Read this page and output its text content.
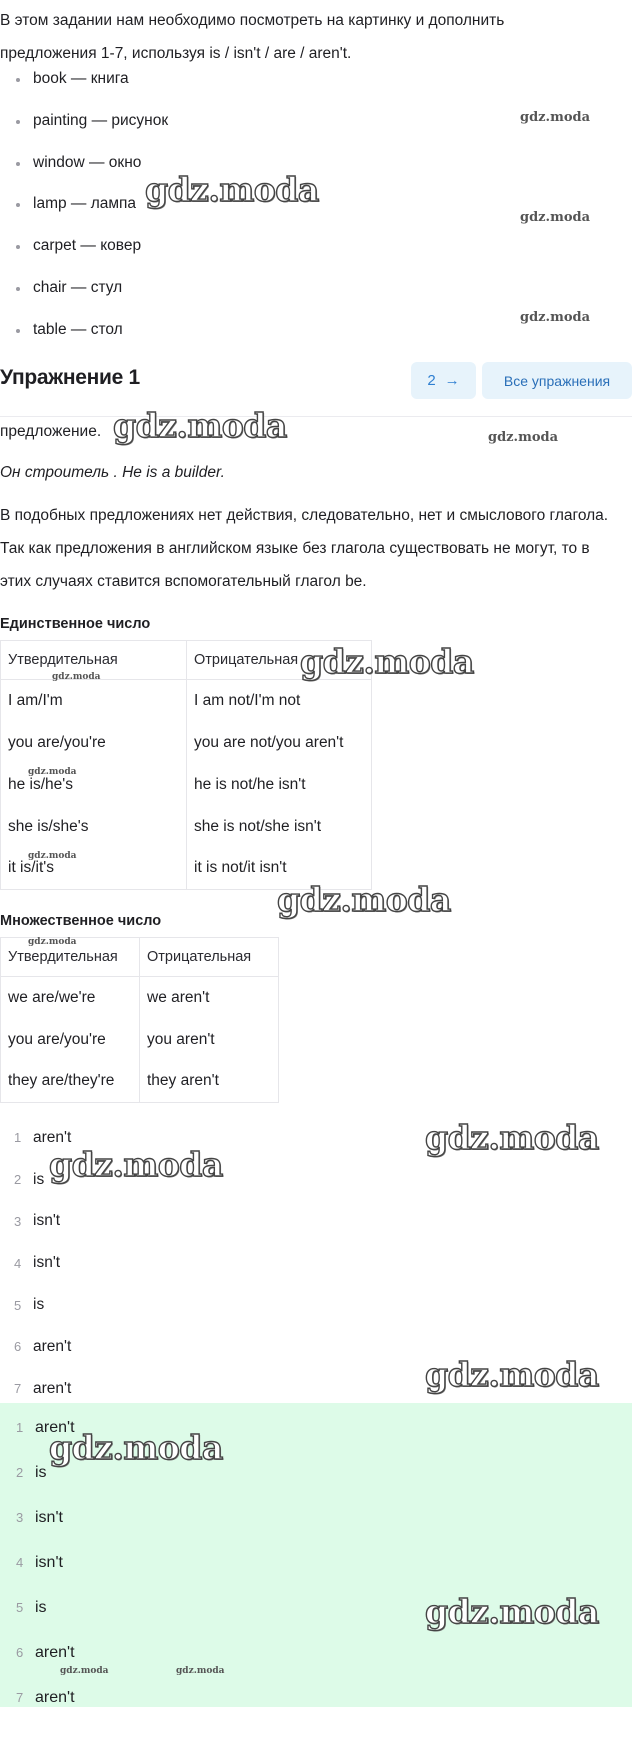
В этом задании нам необходимо посмотреть на картинку и дополнить предложения 1-7, используя is / isn't / are / aren't.

book — книга
painting — рисунок
window — окно
lamp — лампа
carpet — ковер
chair — стул
table — стол
Упражнение 1	2 →	Все упражнения

предложение.

Он строитель . He is a builder.

В подобных предложениях нет действия, следовательно, нет и смыслового глагола. Так как предложения в английском языке без глагола существовать не могут, то в этих случаях ставится вспомогательный глагол be.

Единственное число
Утвердительная	Отрицательная
I am/I'm	I am not/I'm not
you are/you're	you are not/you aren't
he is/he's	he is not/he isn't
she is/she's	she is not/she isn't
it is/it's	it is not/it isn't
Множественное число
Утвердительная	Отрицательная
we are/we're	we aren't
you are/you're	you aren't
they are/they're	they aren't
1 aren't
2 is
3 isn't
4 isn't
5 is
6 aren't
7 aren't
1 aren't
2 is
3 isn't
4 isn't
5 is
6 aren't
7 aren't
gdz.moda
gdz.moda
gdz.moda
gdz.moda
gdz.moda	gdz.moda
gdz.moda
gdz.moda
gdz.moda
gdz.moda
gdz.moda
gdz.moda
gdz.moda
gdz.moda
gdz.moda
gdz.moda
gdz.moda
gdz.moda	gdz.moda
